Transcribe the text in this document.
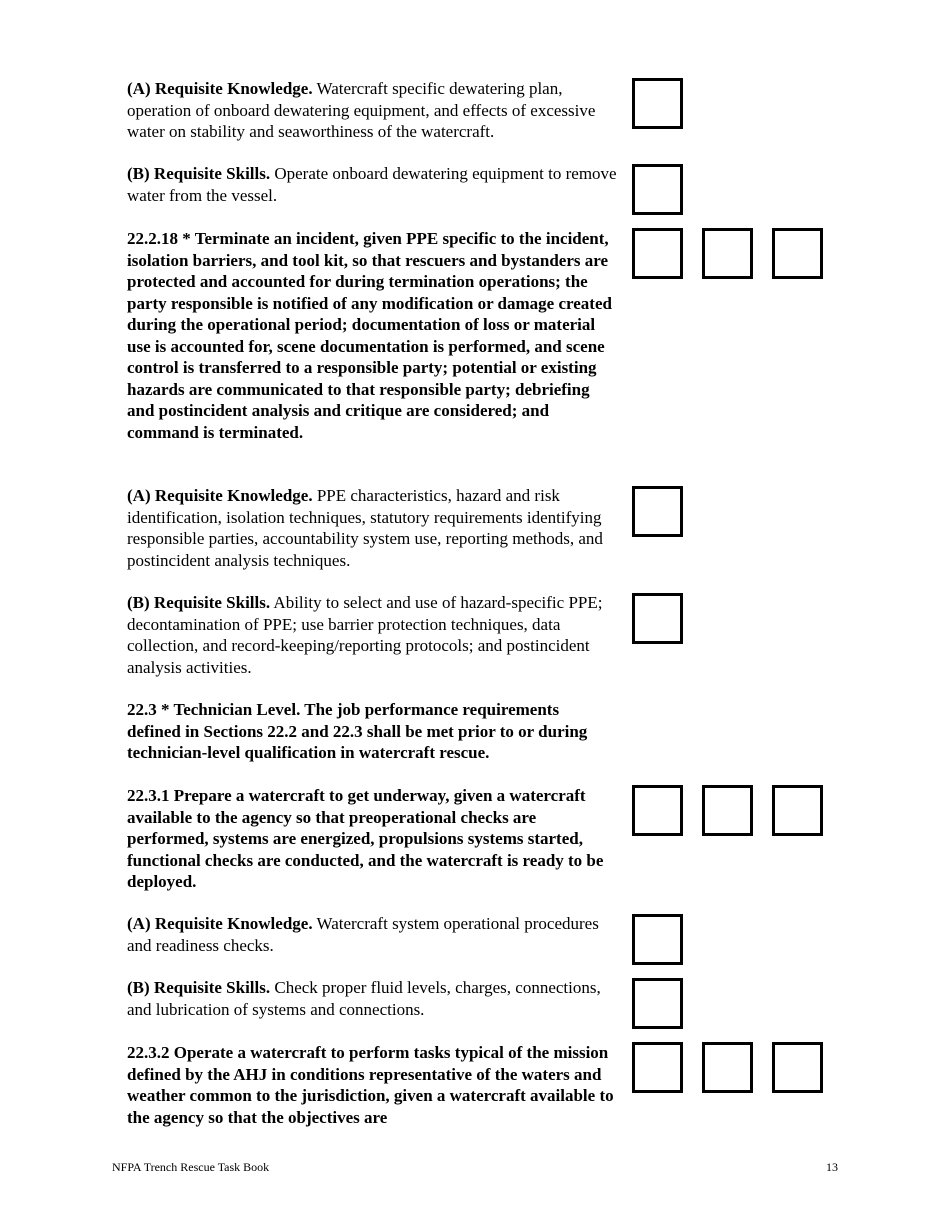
(A) Requisite Knowledge. Watercraft specific dewatering plan, operation of onboard dewatering equipment, and effects of excessive water on stability and seaworthiness of the watercraft.
(B) Requisite Skills. Operate onboard dewatering equipment to remove water from the vessel.
22.2.18 * Terminate an incident, given PPE specific to the incident, isolation barriers, and tool kit, so that rescuers and bystanders are protected and accounted for during termination operations; the party responsible is notified of any modification or damage created during the operational period; documentation of loss or material use is accounted for, scene documentation is performed, and scene control is transferred to a responsible party; potential or existing hazards are communicated to that responsible party; debriefing and postincident analysis and critique are considered; and command is terminated.
(A) Requisite Knowledge. PPE characteristics, hazard and risk identification, isolation techniques, statutory requirements identifying responsible parties, accountability system use, reporting methods, and postincident analysis techniques.
(B) Requisite Skills. Ability to select and use of hazard-specific PPE; decontamination of PPE; use barrier protection techniques, data collection, and record-keeping/reporting protocols; and postincident analysis activities.
22.3 * Technician Level. The job performance requirements defined in Sections 22.2 and 22.3 shall be met prior to or during technician-level qualification in watercraft rescue.
22.3.1 Prepare a watercraft to get underway, given a watercraft available to the agency so that preoperational checks are performed, systems are energized, propulsions systems started, functional checks are conducted, and the watercraft is ready to be deployed.
(A) Requisite Knowledge. Watercraft system operational procedures and readiness checks.
(B) Requisite Skills. Check proper fluid levels, charges, connections, and lubrication of systems and connections.
22.3.2 Operate a watercraft to perform tasks typical of the mission defined by the AHJ in conditions representative of the waters and weather common to the jurisdiction, given a watercraft available to the agency so that the objectives are
NFPA Trench Rescue Task Book	13
